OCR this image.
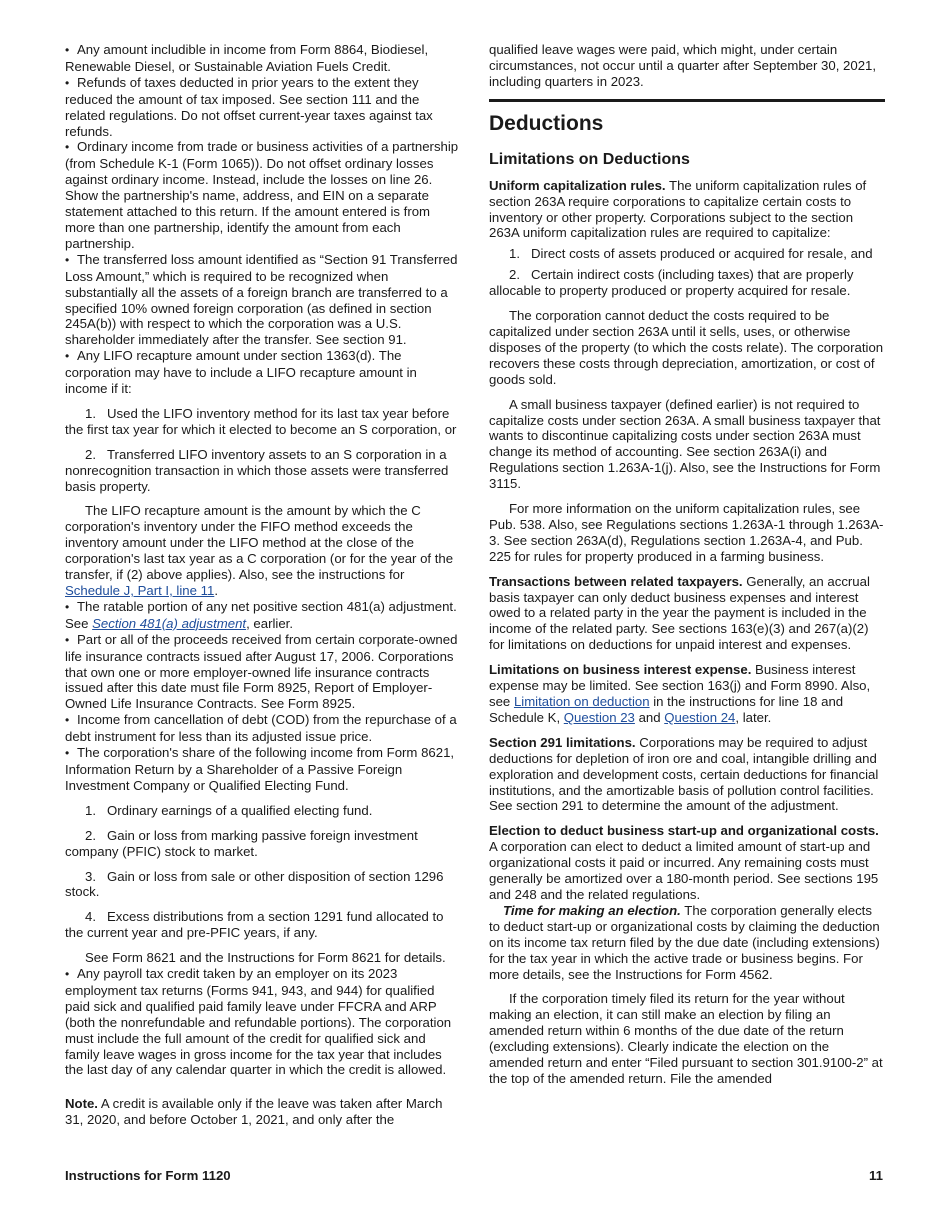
• Any amount includible in income from Form 8864, Biodiesel, Renewable Diesel, or Sustainable Aviation Fuels Credit.

• Refunds of taxes deducted in prior years to the extent they reduced the amount of tax imposed. See section 111 and the related regulations. Do not offset current-year taxes against tax refunds.

• Ordinary income from trade or business activities of a partnership (from Schedule K-1 (Form 1065)). Do not offset ordinary losses against ordinary income. Instead, include the losses on line 26. Show the partnership's name, address, and EIN on a separate statement attached to this return. If the amount entered is from more than one partnership, identify the amount from each partnership.

• The transferred loss amount identified as “Section 91 Transferred Loss Amount,” which is required to be recognized when substantially all the assets of a foreign branch are transferred to a specified 10% owned foreign corporation (as defined in section 245A(b)) with respect to which the corporation was a U.S. shareholder immediately after the transfer. See section 91.

• Any LIFO recapture amount under section 1363(d). The corporation may have to include a LIFO recapture amount in income if it:

1.   Used the LIFO inventory method for its last tax year before the first tax year for which it elected to become an S corporation, or

2.   Transferred LIFO inventory assets to an S corporation in a nonrecognition transaction in which those assets were transferred basis property.

The LIFO recapture amount is the amount by which the C corporation's inventory under the FIFO method exceeds the inventory amount under the LIFO method at the close of the corporation's last tax year as a C corporation (or for the year of the transfer, if (2) above applies). Also, see the instructions for Schedule J, Part I, line 11.

• The ratable portion of any net positive section 481(a) adjustment. See Section 481(a) adjustment, earlier.

• Part or all of the proceeds received from certain corporate-owned life insurance contracts issued after August 17, 2006. Corporations that own one or more employer-owned life insurance contracts issued after this date must file Form 8925, Report of Employer-Owned Life Insurance Contracts. See Form 8925.

• Income from cancellation of debt (COD) from the repurchase of a debt instrument for less than its adjusted issue price.

• The corporation's share of the following income from Form 8621, Information Return by a Shareholder of a Passive Foreign Investment Company or Qualified Electing Fund.

1.   Ordinary earnings of a qualified electing fund.

2.   Gain or loss from marking passive foreign investment company (PFIC) stock to market.

3.   Gain or loss from sale or other disposition of section 1296 stock.

4.   Excess distributions from a section 1291 fund allocated to the current year and pre-PFIC years, if any.

See Form 8621 and the Instructions for Form 8621 for details.

• Any payroll tax credit taken by an employer on its 2023 employment tax returns (Forms 941, 943, and 944) for qualified paid sick and qualified paid family leave under FFCRA and ARP (both the nonrefundable and refundable portions). The corporation must include the full amount of the credit for qualified sick and family leave wages in gross income for the tax year that includes the last day of any calendar quarter in which the credit is allowed.

Note. A credit is available only if the leave was taken after March 31, 2020, and before October 1, 2021, and only after the

qualified leave wages were paid, which might, under certain circumstances, not occur until a quarter after September 30, 2021, including quarters in 2023.

Deductions
Limitations on Deductions

Uniform capitalization rules. The uniform capitalization rules of section 263A require corporations to capitalize certain costs to inventory or other property. Corporations subject to the section 263A uniform capitalization rules are required to capitalize:

1.   Direct costs of assets produced or acquired for resale, and

2.   Certain indirect costs (including taxes) that are properly allocable to property produced or property acquired for resale.

The corporation cannot deduct the costs required to be capitalized under section 263A until it sells, uses, or otherwise disposes of the property (to which the costs relate). The corporation recovers these costs through depreciation, amortization, or cost of goods sold.

A small business taxpayer (defined earlier) is not required to capitalize costs under section 263A. A small business taxpayer that wants to discontinue capitalizing costs under section 263A must change its method of accounting. See section 263A(i) and Regulations section 1.263A-1(j). Also, see the Instructions for Form 3115.

For more information on the uniform capitalization rules, see Pub. 538. Also, see Regulations sections 1.263A-1 through 1.263A-3. See section 263A(d), Regulations section 1.263A-4, and Pub. 225 for rules for property produced in a farming business.

Transactions between related taxpayers. Generally, an accrual basis taxpayer can only deduct business expenses and interest owed to a related party in the year the payment is included in the income of the related party. See sections 163(e)(3) and 267(a)(2) for limitations on deductions for unpaid interest and expenses.

Limitations on business interest expense. Business interest expense may be limited. See section 163(j) and Form 8990. Also, see Limitation on deduction in the instructions for line 18 and Schedule K, Question 23 and Question 24, later.

Section 291 limitations. Corporations may be required to adjust deductions for depletion of iron ore and coal, intangible drilling and exploration and development costs, certain deductions for financial institutions, and the amortizable basis of pollution control facilities. See section 291 to determine the amount of the adjustment.

Election to deduct business start-up and organizational costs. A corporation can elect to deduct a limited amount of start-up and organizational costs it paid or incurred. Any remaining costs must generally be amortized over a 180-month period. See sections 195 and 248 and the related regulations.

Time for making an election. The corporation generally elects to deduct start-up or organizational costs by claiming the deduction on its income tax return filed by the due date (including extensions) for the tax year in which the active trade or business begins. For more details, see the Instructions for Form 4562.

If the corporation timely filed its return for the year without making an election, it can still make an election by filing an amended return within 6 months of the due date of the return (excluding extensions). Clearly indicate the election on the amended return and enter “Filed pursuant to section 301.9100-2” at the top of the amended return. File the amended

Instructions for Form 1120	11
